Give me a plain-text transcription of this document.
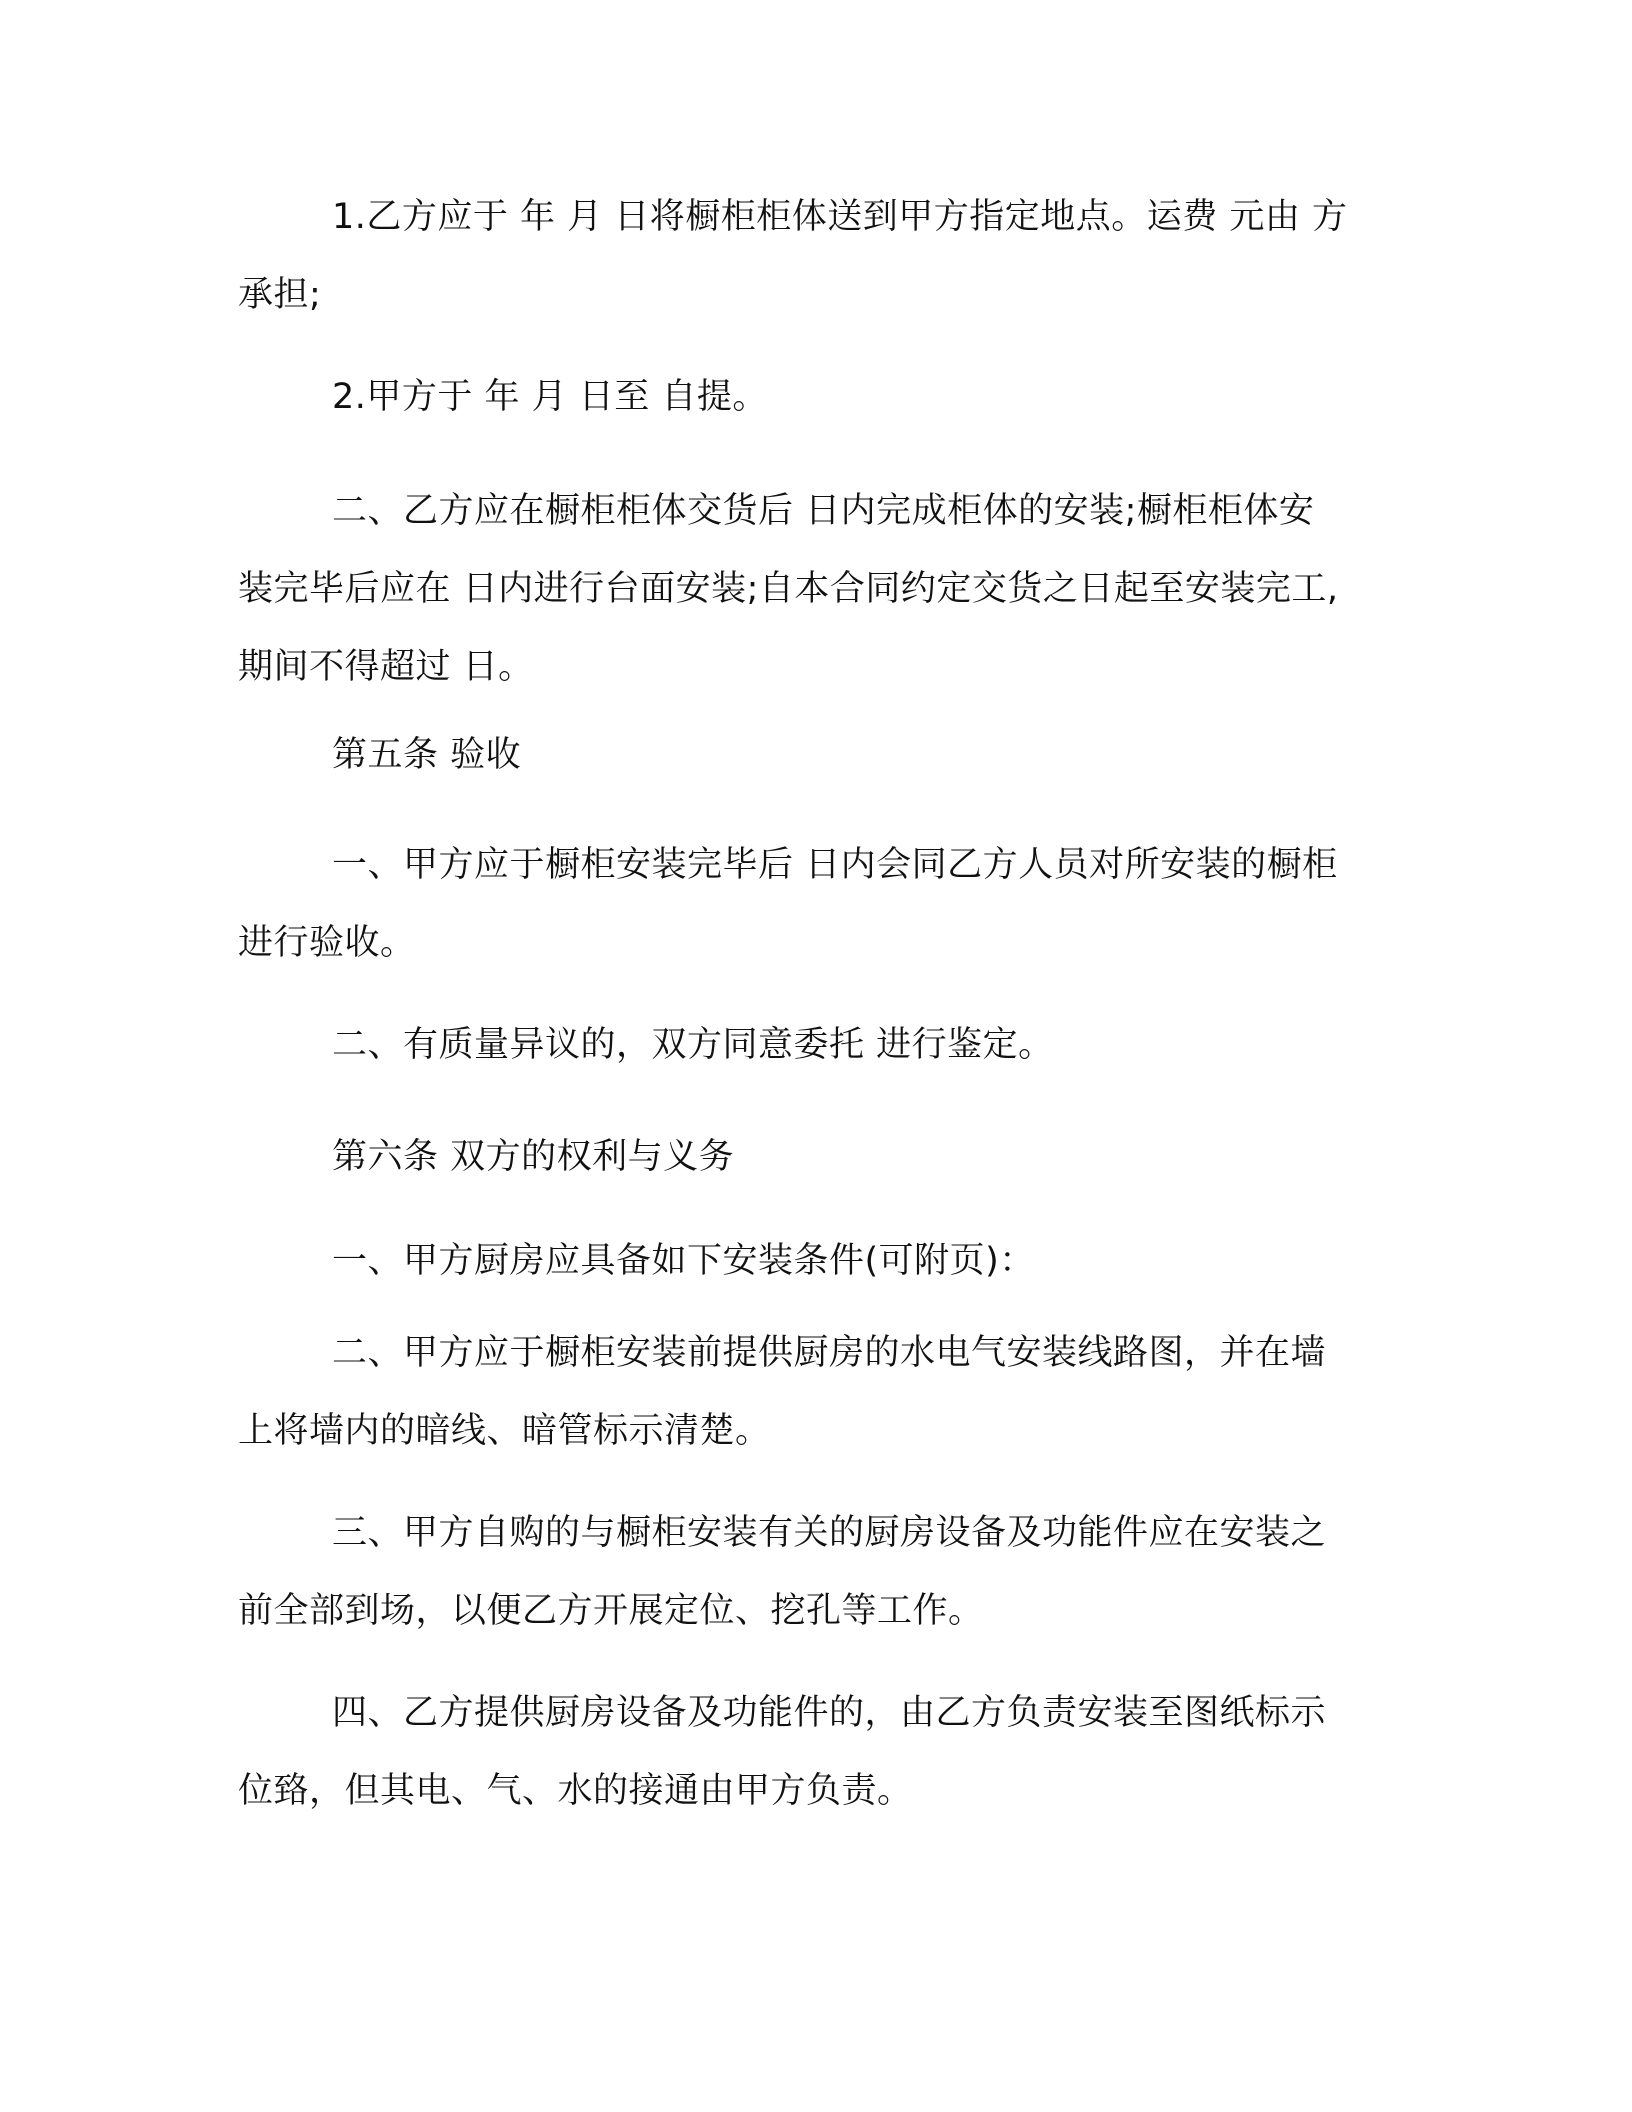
1.乙方应于 年 月 日将橱柜柜体送到甲方指定地点。运费 元由 方
承担;
2.甲方于 年 月 日至 自提。
二、乙方应在橱柜柜体交货后 日内完成柜体的安装;橱柜柜体安
装完毕后应在 日内进行台面安装;自本合同约定交货之日起至安装完工,
期间不得超过 日。
第五条 验收
一、甲方应于橱柜安装完毕后 日内会同乙方人员对所安装的橱柜
进行验收。
二、有质量异议的，双方同意委托 进行鉴定。
第六条 双方的权利与义务
一、甲方厨房应具备如下安装条件(可附页)：
二、甲方应于橱柜安装前提供厨房的水电气安装线路图，并在墙
上将墙内的暗线、暗管标示清楚。
三、甲方自购的与橱柜安装有关的厨房设备及功能件应在安装之
前全部到场，以便乙方开展定位、挖孔等工作。
四、乙方提供厨房设备及功能件的，由乙方负责安装至图纸标示
位臵，但其电、气、水的接通由甲方负责。
